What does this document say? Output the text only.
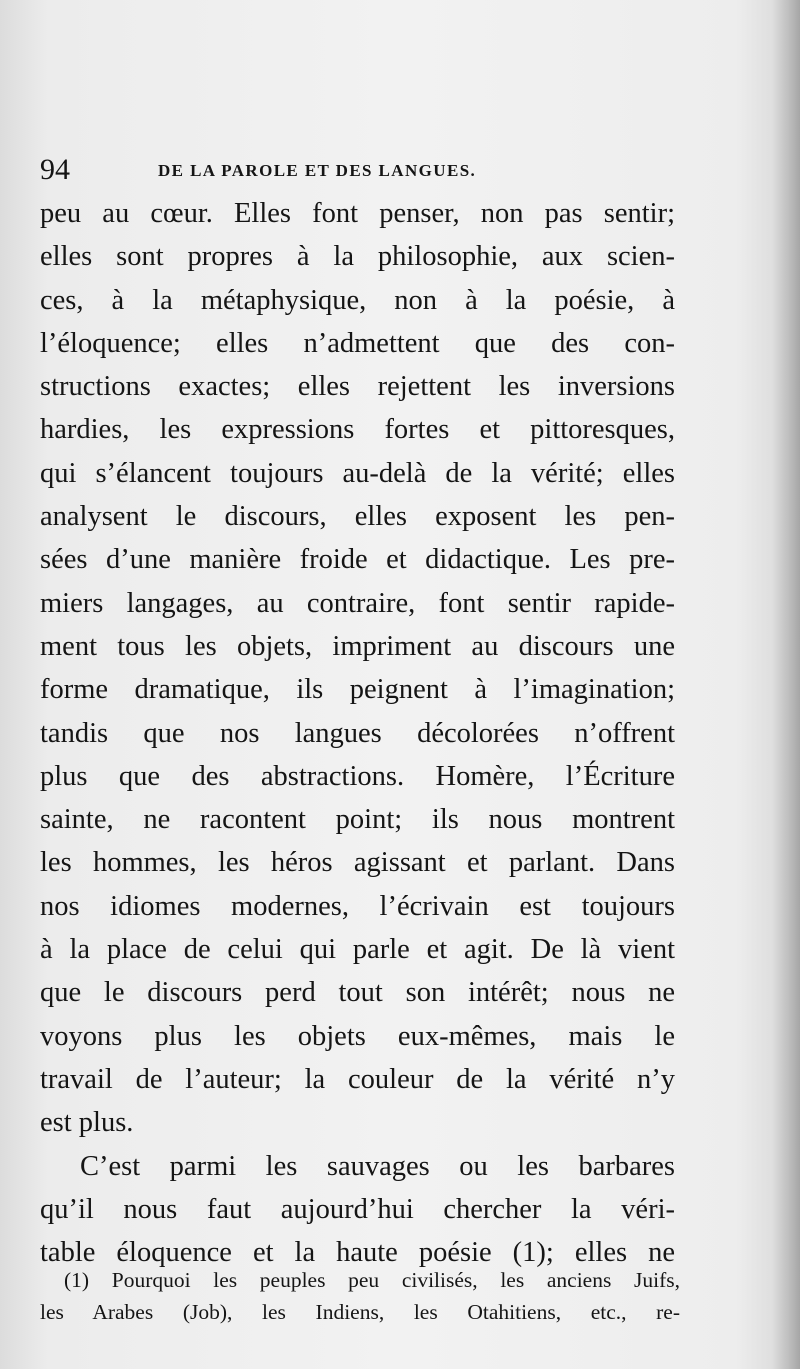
94	DE LA PAROLE ET DES LANGUES.
peu au cœur. Elles font penser, non pas sentir;
elles sont propres à la philosophie, aux scien-
ces, à la métaphysique, non à la poésie, à
l’éloquence; elles n’admettent que des con-
structions exactes; elles rejettent les inversions
hardies, les expressions fortes et pittoresques,
qui s’élancent toujours au-delà de la vérité; elles
analysent le discours, elles exposent les pen-
sées d’une manière froide et didactique. Les pre-
miers langages, au contraire, font sentir rapide-
ment tous les objets, impriment au discours une
forme dramatique, ils peignent à l’imagination;
tandis que nos langues décolorées n’offrent
plus que des abstractions. Homère, l’Écriture
sainte, ne racontent point; ils nous montrent
les hommes, les héros agissant et parlant. Dans
nos idiomes modernes, l’écrivain est toujours
à la place de celui qui parle et agit. De là vient
que le discours perd tout son intérêt; nous ne
voyons plus les objets eux-mêmes, mais le
travail de l’auteur; la couleur de la vérité n’y
est plus.
C’est parmi les sauvages ou les barbares
qu’il nous faut aujourd’hui chercher la véri-
table éloquence et la haute poésie (1); elles ne
(1) Pourquoi les peuples peu civilisés, les anciens Juifs,
les Arabes (Job), les Indiens, les Otahitiens, etc., re-
